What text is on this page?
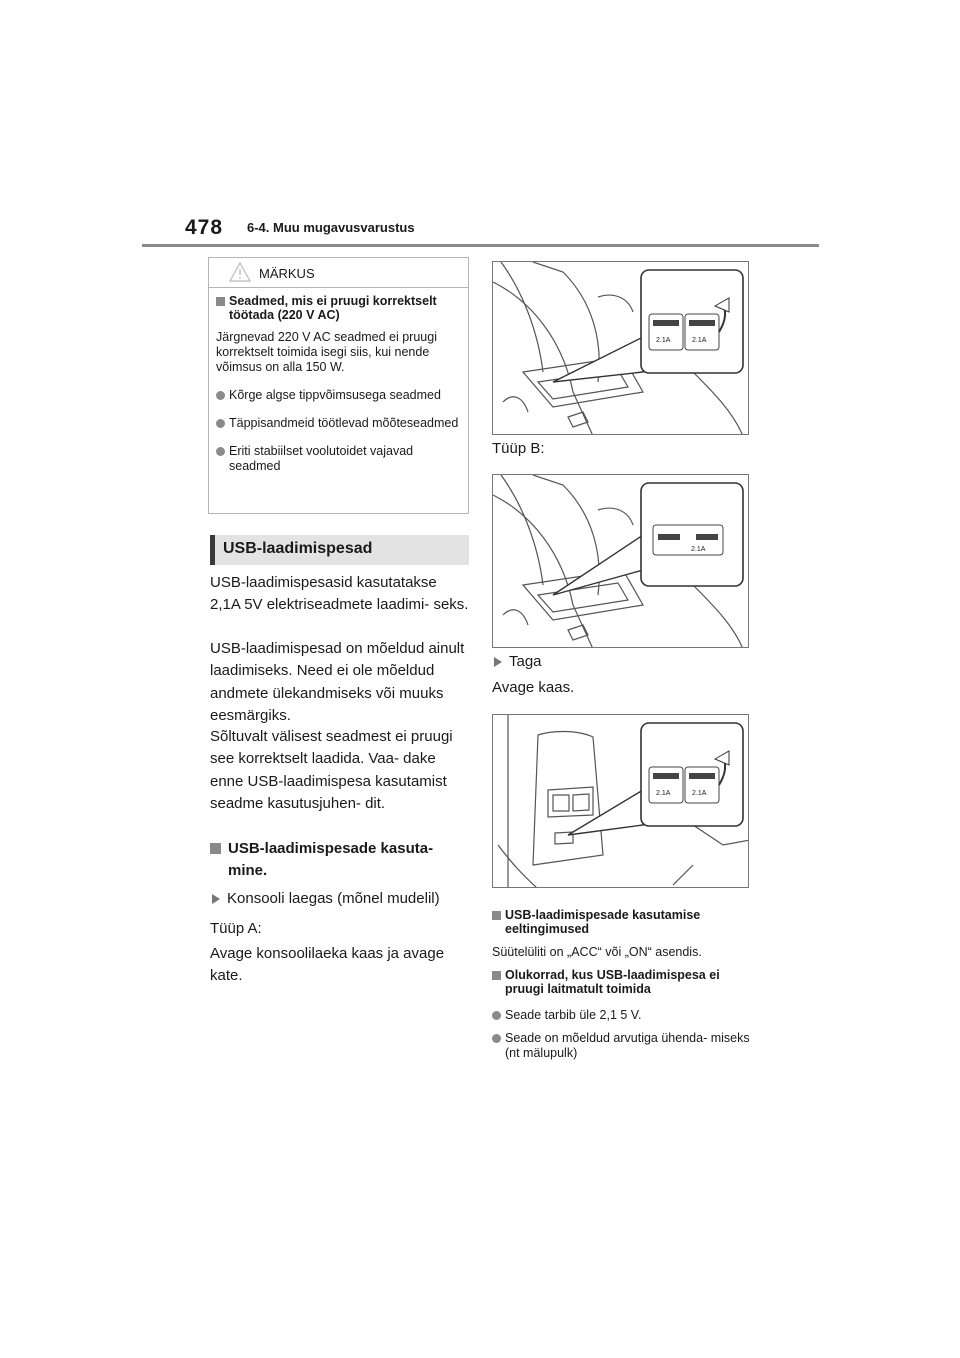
478 6-4. Muu mugavusvarustus
MÄRKUS
Seadmed, mis ei pruugi korrektselt töötada (220 V AC)
Järgnevad 220 V AC seadmed ei pruugi korrektselt toimida isegi siis, kui nende võimsus on alla 150 W.
Kõrge algse tippvõimsusega seadmed
Täppisandmeid töötlevad mõõteseadmed
Eriti stabiilset voolutoidet vajavad seadmed
USB-laadimispesad
USB-laadimispesasid kasutatakse 2,1A 5V elektriseadmete laadimi- seks.
USB-laadimispesad on mõeldud ainult laadimiseks. Need ei ole mõeldud andmete ülekandmiseks või muuks eesmärgiks.
Sõltuvalt välisest seadmest ei pruugi see korrektselt laadida. Vaa- dake enne USB-laadimispesa kasutamist seadme kasutusjuhen- dit.
USB-laadimispesade kasuta- mine.
Konsooli laegas (mõnel mudelil)
Tüüp A:
Avage konsoolilaeka kaas ja avage kate.
2.1A	2.1A
Tüüp B:
2.1A
Taga
Avage kaas.
2.1A	2.1A
USB-laadimispesade kasutamise eeltingimused
Süütelüliti on „ACC“ või „ON“ asendis.
Olukorrad, kus USB-laadimispesa ei pruugi laitmatult toimida
Seade tarbib üle 2,1 5 V.
Seade on mõeldud arvutiga ühenda- miseks (nt mälupulk)
